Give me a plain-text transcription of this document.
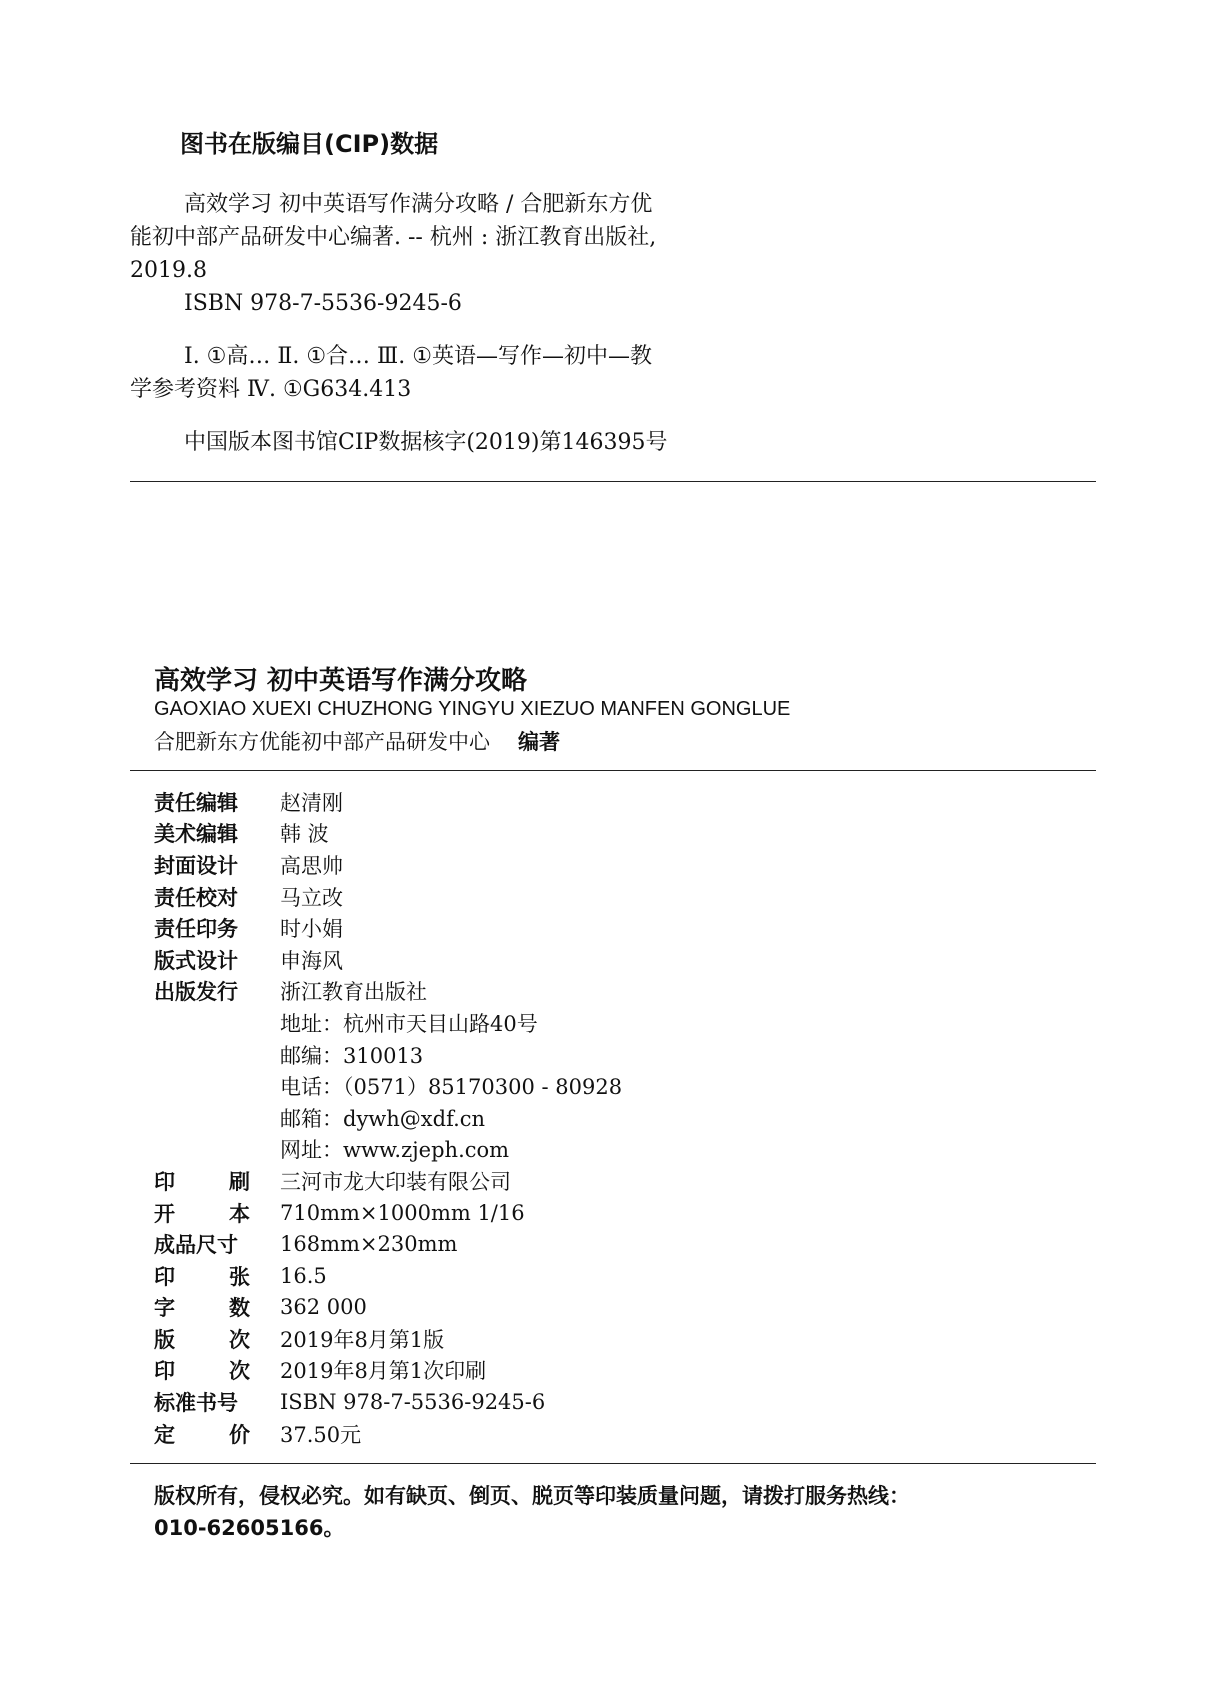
图书在版编目(CIP)数据
高效学习 初中英语写作满分攻略 / 合肥新东方优
能初中部产品研发中心编著. -- 杭州 : 浙江教育出版社,
2019.8
ISBN 978-7-5536-9245-6
Ⅰ. ①高… Ⅱ. ①合… Ⅲ. ①英语—写作—初中—教
学参考资料 Ⅳ. ①G634.413
中国版本图书馆CIP数据核字(2019)第146395号
高效学习 初中英语写作满分攻略
GAOXIAO XUEXI CHUZHONG YINGYU XIEZUO MANFEN GONGLUE
合肥新东方优能初中部产品研发中心 编著
责任编辑	赵清刚
美术编辑	韩 波
封面设计	高思帅
责任校对	马立改
责任印务	时小娟
版式设计	申海风
出版发行	浙江教育出版社
地址：杭州市天目山路40号
邮编：310013
电话：（0571）85170300 - 80928
邮箱：dywh@xdf.cn
网址：www.zjeph.com
印	刷 三河市龙大印装有限公司
开	本 710mm×1000mm 1/16
成品尺寸	168mm×230mm
印	张 16.5
字	数 362 000
版	次 2019年8月第1版
印	次 2019年8月第1次印刷
标准书号	ISBN 978-7-5536-9245-6
定	价 37.50元
版权所有，侵权必究。如有缺页、倒页、脱页等印装质量问题，请拨打服务热线：
010-62605166。
